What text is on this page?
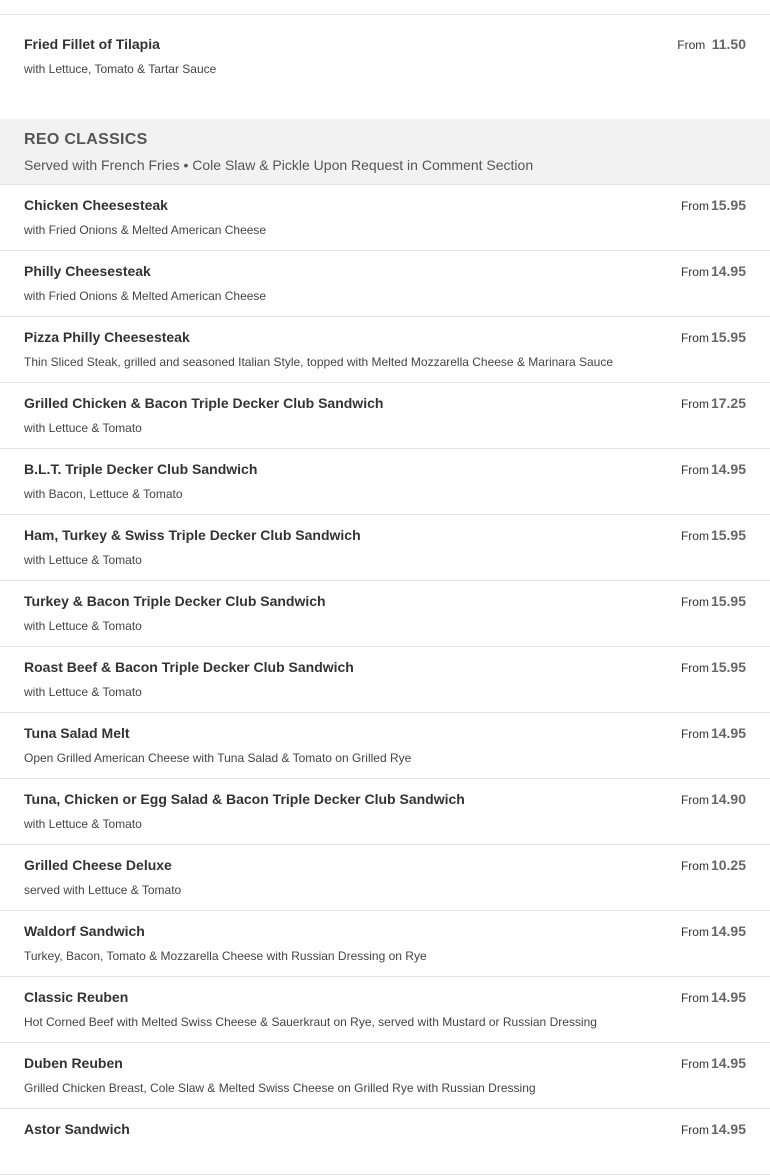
Fried Fillet of Tilapia
with Lettuce, Tomato & Tartar Sauce
From 11.50
REO CLASSICS
Served with French Fries • Cole Slaw & Pickle Upon Request in Comment Section
Chicken Cheesesteak
with Fried Onions & Melted American Cheese
From 15.95
Philly Cheesesteak
with Fried Onions & Melted American Cheese
From 14.95
Pizza Philly Cheesesteak
Thin Sliced Steak, grilled and seasoned Italian Style, topped with Melted Mozzarella Cheese & Marinara Sauce
From 15.95
Grilled Chicken & Bacon Triple Decker Club Sandwich
with Lettuce & Tomato
From 17.25
B.L.T. Triple Decker Club Sandwich
with Bacon, Lettuce & Tomato
From 14.95
Ham, Turkey & Swiss Triple Decker Club Sandwich
with Lettuce & Tomato
From 15.95
Turkey & Bacon Triple Decker Club Sandwich
with Lettuce & Tomato
From 15.95
Roast Beef & Bacon Triple Decker Club Sandwich
with Lettuce & Tomato
From 15.95
Tuna Salad Melt
Open Grilled American Cheese with Tuna Salad & Tomato on Grilled Rye
From 14.95
Tuna, Chicken or Egg Salad & Bacon Triple Decker Club Sandwich
with Lettuce & Tomato
From 14.90
Grilled Cheese Deluxe
served with Lettuce & Tomato
From 10.25
Waldorf Sandwich
Turkey, Bacon, Tomato & Mozzarella Cheese with Russian Dressing on Rye
From 14.95
Classic Reuben
Hot Corned Beef with Melted Swiss Cheese & Sauerkraut on Rye, served with Mustard or Russian Dressing
From 14.95
Duben Reuben
Grilled Chicken Breast, Cole Slaw & Melted Swiss Cheese on Grilled Rye with Russian Dressing
From 14.95
Astor Sandwich	From 14.95
